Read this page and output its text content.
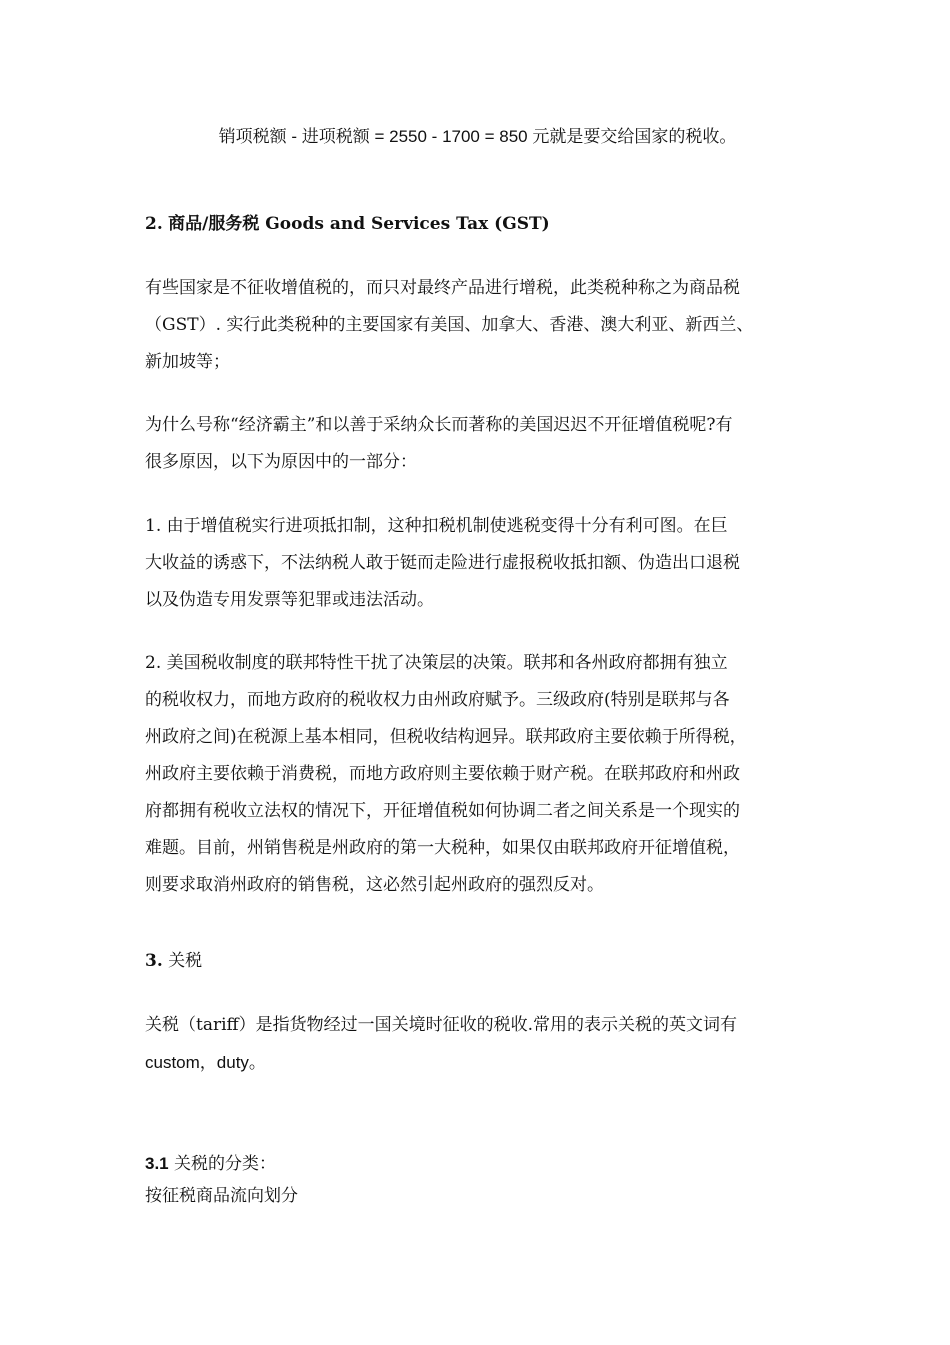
销项税额 - 进项税额 = 2550 - 1700 = 850 元就是要交给国家的税收。

2. 商品/服务税 Goods and Services Tax (GST)
有些国家是不征收增值税的，而只对最终产品进行增税，此类税种称之为商品税
（GST）. 实行此类税种的主要国家有美国、加拿大、香港、澳大利亚、新西兰、
新加坡等；
为什么号称“经济霸主”和以善于采纳众长而著称的美国迟迟不开征增值税呢?有
很多原因，以下为原因中的一部分：
1. 由于增值税实行进项抵扣制，这种扣税机制使逃税变得十分有利可图。在巨
大收益的诱惑下，不法纳税人敢于铤而走险进行虚报税收抵扣额、伪造出口退税
以及伪造专用发票等犯罪或违法活动。
2. 美国税收制度的联邦特性干扰了决策层的决策。联邦和各州政府都拥有独立
的税收权力，而地方政府的税收权力由州政府赋予。三级政府(特别是联邦与各
州政府之间)在税源上基本相同，但税收结构迥异。联邦政府主要依赖于所得税，
州政府主要依赖于消费税，而地方政府则主要依赖于财产税。在联邦政府和州政
府都拥有税收立法权的情况下，开征增值税如何协调二者之间关系是一个现实的
难题。目前，州销售税是州政府的第一大税种，如果仅由联邦政府开征增值税，
则要求取消州政府的销售税，这必然引起州政府的强烈反对。
3. 关税
关税（tariff）是指货物经过一国关境时征收的税收.常用的表示关税的英文词有
custom，duty。
3.1 关税的分类：

按征税商品流向划分
